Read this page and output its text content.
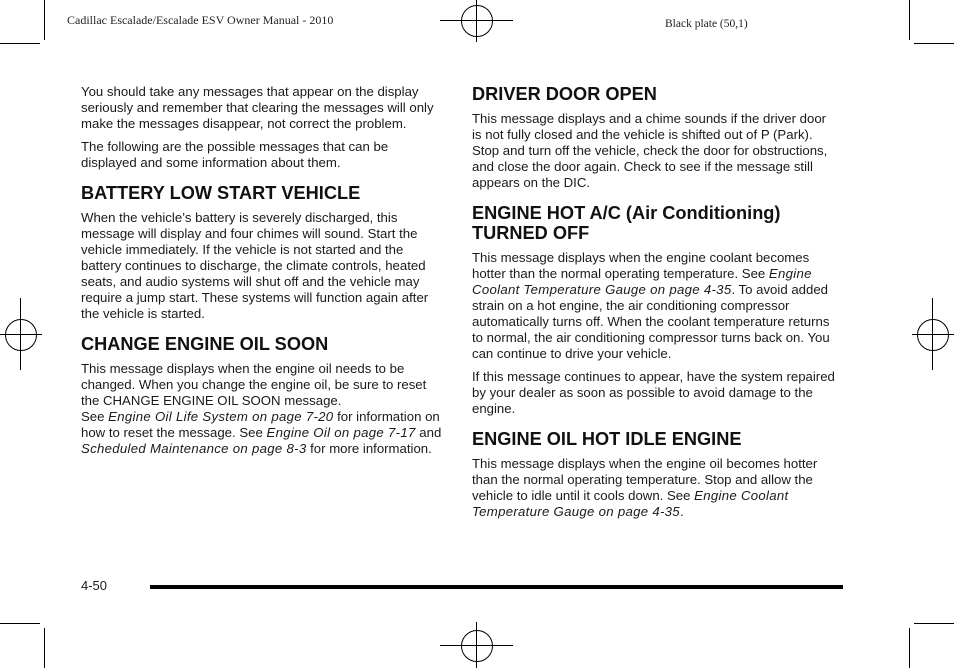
Cadillac Escalade/Escalade ESV Owner Manual - 2010	Black plate (50,1)

You should take any messages that appear on the display seriously and remember that clearing the messages will only make the messages disappear, not correct the problem.

The following are the possible messages that can be displayed and some information about them.

BATTERY LOW START VEHICLE

When the vehicle’s battery is severely discharged, this message will display and four chimes will sound. Start the vehicle immediately. If the vehicle is not started and the battery continues to discharge, the climate controls, heated seats, and audio systems will shut off and the vehicle may require a jump start. These systems will function again after the vehicle is started.

CHANGE ENGINE OIL SOON

This message displays when the engine oil needs to be changed. When you change the engine oil, be sure to reset the CHANGE ENGINE OIL SOON message.
See Engine Oil Life System on page 7-20 for information on how to reset the message. See Engine Oil on page 7-17 and Scheduled Maintenance on page 8-3 for more information.

DRIVER DOOR OPEN

This message displays and a chime sounds if the driver door is not fully closed and the vehicle is shifted out of P (Park). Stop and turn off the vehicle, check the door for obstructions, and close the door again. Check to see if the message still appears on the DIC.

ENGINE HOT A/C (Air Conditioning) TURNED OFF

This message displays when the engine coolant becomes hotter than the normal operating temperature. See Engine Coolant Temperature Gauge on page 4-35. To avoid added strain on a hot engine, the air conditioning compressor automatically turns off. When the coolant temperature returns to normal, the air conditioning compressor turns back on. You can continue to drive your vehicle.

If this message continues to appear, have the system repaired by your dealer as soon as possible to avoid damage to the engine.

ENGINE OIL HOT IDLE ENGINE

This message displays when the engine oil becomes hotter than the normal operating temperature. Stop and allow the vehicle to idle until it cools down. See Engine Coolant Temperature Gauge on page 4-35.

4-50
